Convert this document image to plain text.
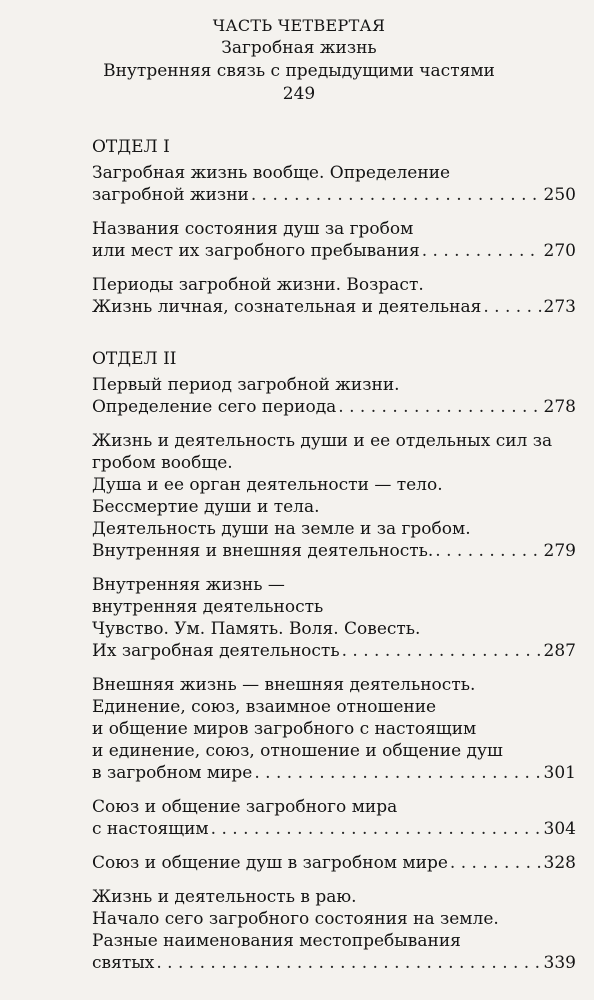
ЧАСТЬ ЧЕТВЕРТАЯ
Загробная жизнь
Внутренняя связь с предыдущими частями
249
ОТДЕЛ I
Загробная жизнь вообще. Определение
загробной жизни . . .	250
Названия состояния душ за гробом
или мест их загробного пребывания . . .	270
Периоды загробной жизни. Возраст.
Жизнь личная, сознательная и деятельная . . .	273
ОТДЕЛ II
Первый период загробной жизни.
Определение сего периода . . .	278
Жизнь и деятельность души и ее отдельных сил за
гробом вообще.
Душа и ее орган деятельности — тело.
Бессмертие души и тела.
Деятельность души на земле и за гробом.
Внутренняя и внешняя деятельность. . . .	279
Внутренняя жизнь —
внутренняя деятельность
Чувство. Ум. Память. Воля. Совесть.
Их загробная деятельность . . .	287
Внешняя жизнь — внешняя деятельность.
Единение, союз, взаимное отношение
и общение миров загробного с настоящим
и единение, союз, отношение и общение душ
в загробном мире . . .	301
Союз и общение загробного мира
с настоящим . . .	304
Союз и общение душ в загробном мире . . .	328
Жизнь и деятельность в раю.
Начало сего загробного состояния на земле.
Разные наименования местопребывания
святых . . .	339
